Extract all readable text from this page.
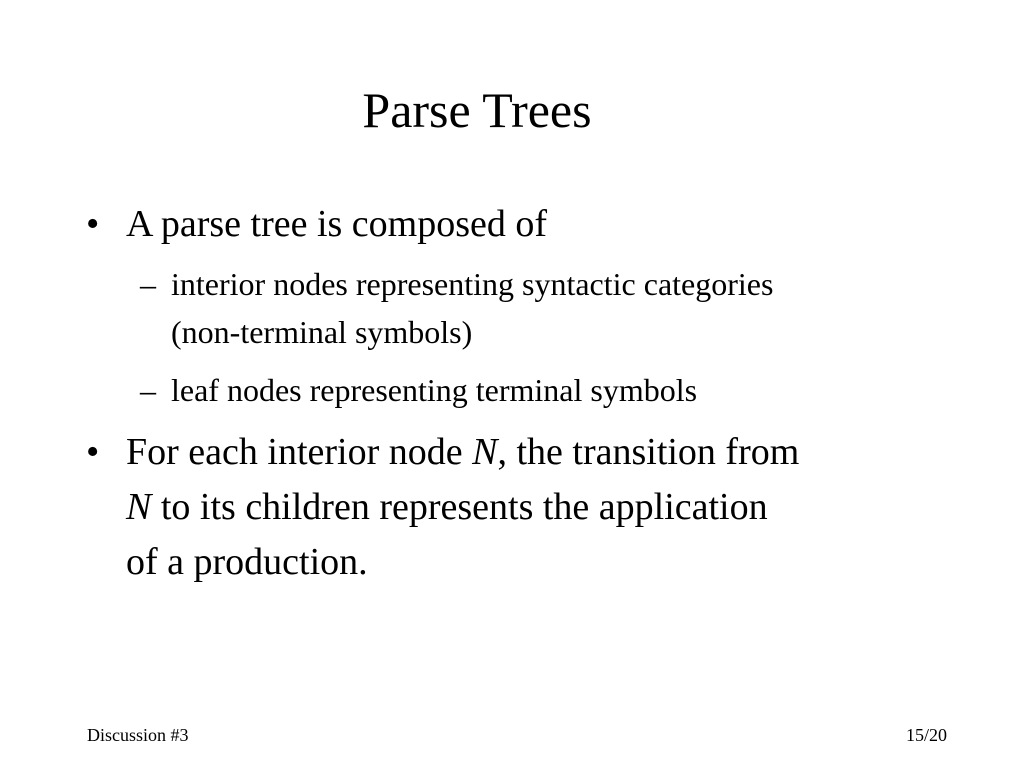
Parse Trees
• A parse tree is composed of
– interior nodes representing syntactic categories
(non-terminal symbols)
– leaf nodes representing terminal symbols
• For each interior node N, the transition from
N to its children represents the application
of a production.
Discussion #3	15/20
